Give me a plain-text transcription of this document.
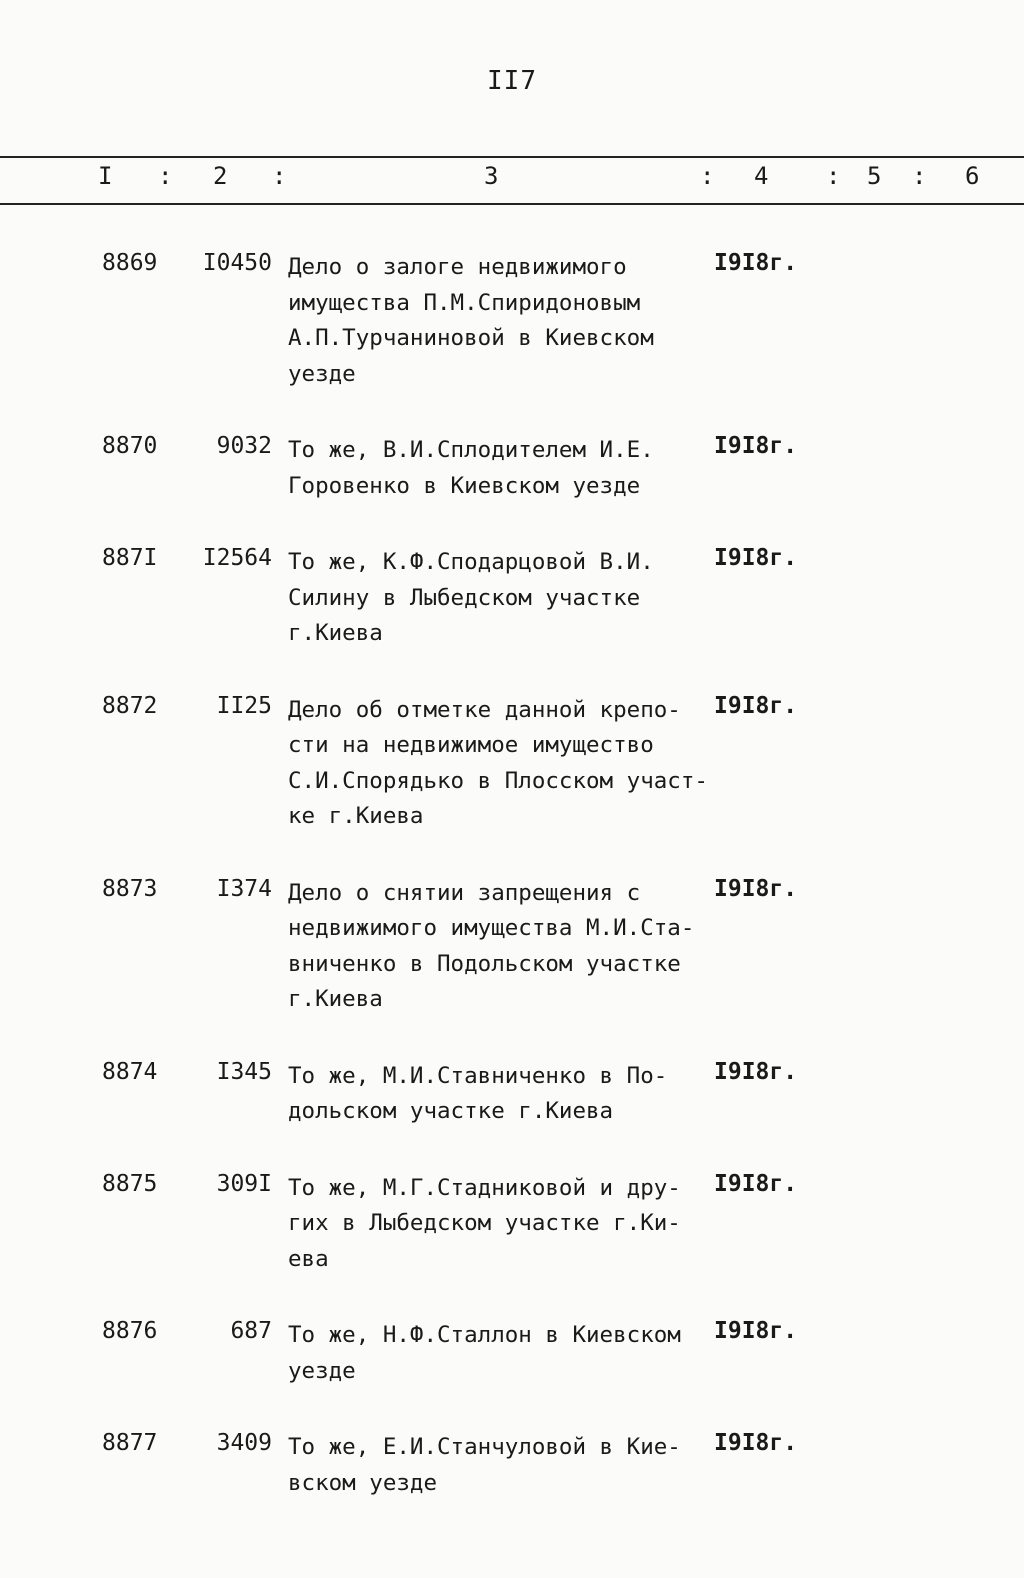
II7
I : 2 :	3	: 4 : 5 : 6
8869	I0450 Дело о залоге недвижимого
имущества П.М.Спиридоновым
А.П.Турчаниновой в Киевском
уезде
I9I8г.
8870	9032 То же, В.И.Сплодителем И.Е.
Горовенко в Киевском уезде
I9I8г.
887I	I2564 То же, К.Ф.Сподарцовой В.И.
Силину в Лыбедском участке
г.Киева
I9I8г.
8872	II25 Дело об отметке данной крепо-
сти на недвижимое имущество
С.И.Спорядько в Плосском участ-
ке г.Киева
I9I8г.
8873	I374 Дело о снятии запрещения с
недвижимого имущества М.И.Ста-
вниченко в Подольском участке
г.Киева
I9I8г.
8874	I345 То же, М.И.Ставниченко в По-
дольском участке г.Киева
I9I8г.
8875	309I То же, М.Г.Стадниковой и дру-
гих в Лыбедском участке г.Ки-
ева
I9I8г.
8876	687 То же, Н.Ф.Сталлон в Киевском
уезде
I9I8г.
8877	3409 То же, Е.И.Станчуловой в Кие-
вском уезде
I9I8г.
